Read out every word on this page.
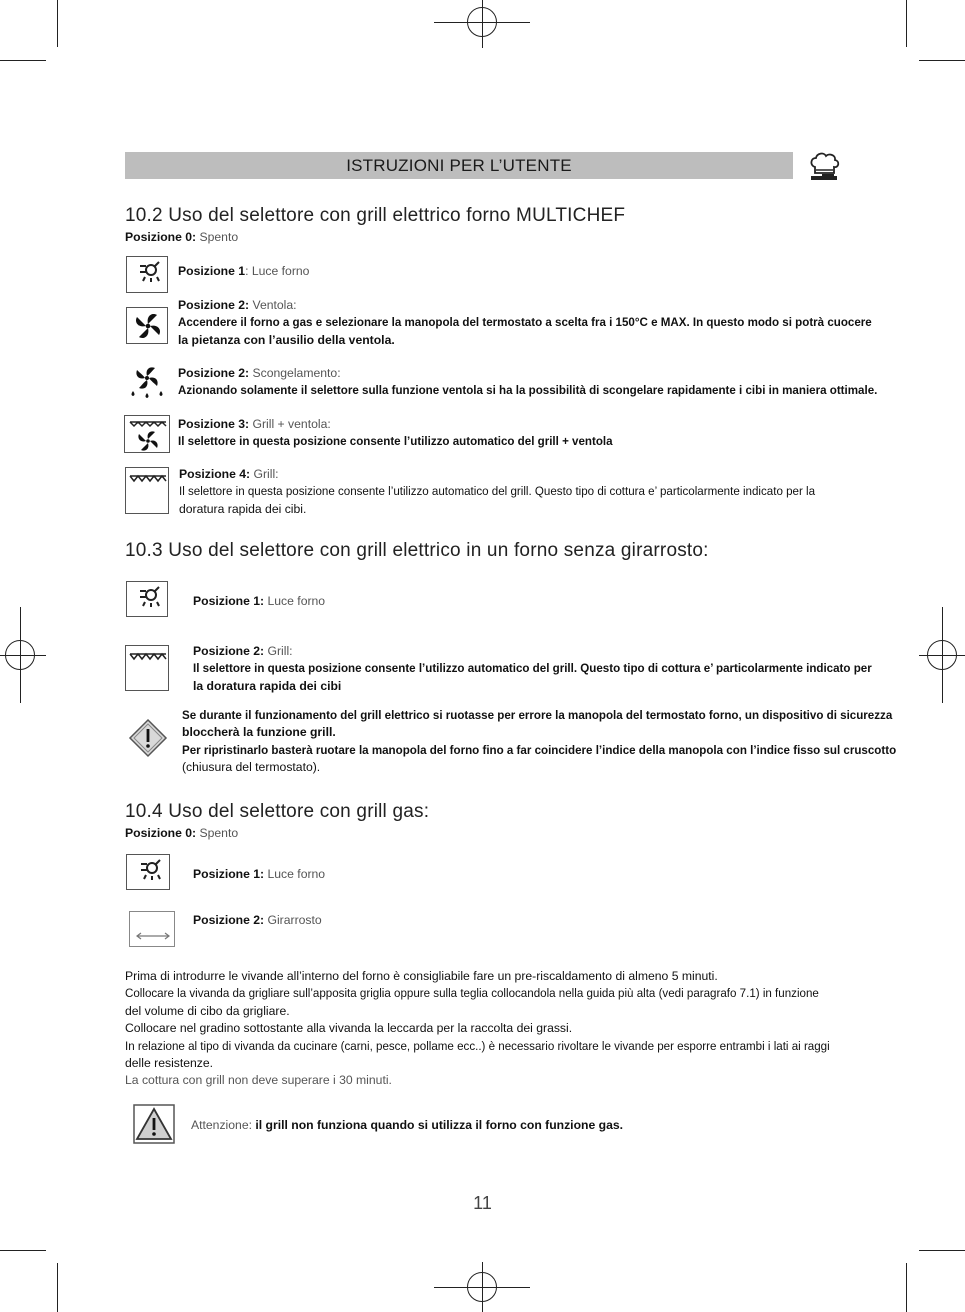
ISTRUZIONI PER L’UTENTE
10.2 Uso del selettore con grill elettrico forno MULTICHEF
Posizione 0: Spento
Posizione 1: Luce forno
Posizione 2: Ventola:
Accendere il forno a gas e selezionare la manopola del termostato a scelta fra i 150°C e MAX. In questo modo si potrà cuocere
la pietanza con l’ausilio della ventola.
Posizione 2: Scongelamento:
Azionando solamente il selettore sulla funzione ventola si ha la possibilità di scongelare rapidamente i cibi in maniera ottimale.
Posizione 3: Grill + ventola:
Il selettore in questa posizione consente l’utilizzo automatico del grill + ventola
Posizione 4: Grill:
Il selettore in questa posizione consente l’utilizzo automatico del grill. Questo tipo di cottura e’ particolarmente indicato per la
doratura rapida dei cibi.
10.3 Uso del selettore con grill elettrico in un forno senza girarrosto:
Posizione 1: Luce forno
Posizione 2: Grill:
Il selettore in questa posizione consente l’utilizzo automatico del grill. Questo tipo di cottura e’ particolarmente indicato per
la doratura rapida dei cibi
Se durante il funzionamento del grill elettrico si ruotasse per errore la manopola del termostato forno, un dispositivo di sicurezza
bloccherà la funzione grill.
Per ripristinarlo basterà ruotare la manopola del forno fino a far coincidere l’indice della manopola con l’indice fisso sul cruscotto
(chiusura del termostato).
10.4 Uso del selettore con grill gas:
Posizione 0: Spento
Posizione 1: Luce forno
Posizione 2: Girarrosto
Prima di introdurre le vivande all’interno del forno è consigliabile fare un pre-riscaldamento di almeno 5 minuti.
Collocare la vivanda da grigliare sull’apposita griglia oppure sulla teglia collocandola nella guida più alta (vedi paragrafo 7.1) in funzione
del volume di cibo da grigliare.
Collocare nel gradino sottostante alla vivanda la leccarda per la raccolta dei grassi.
In relazione al tipo di vivanda da cucinare (carni, pesce, pollame ecc..) è necessario rivoltare le vivande per esporre entrambi i lati ai raggi
delle resistenze.
La cottura con grill non deve superare i 30 minuti.
Attenzione: il grill non funziona quando si utilizza il forno con funzione gas.
11
